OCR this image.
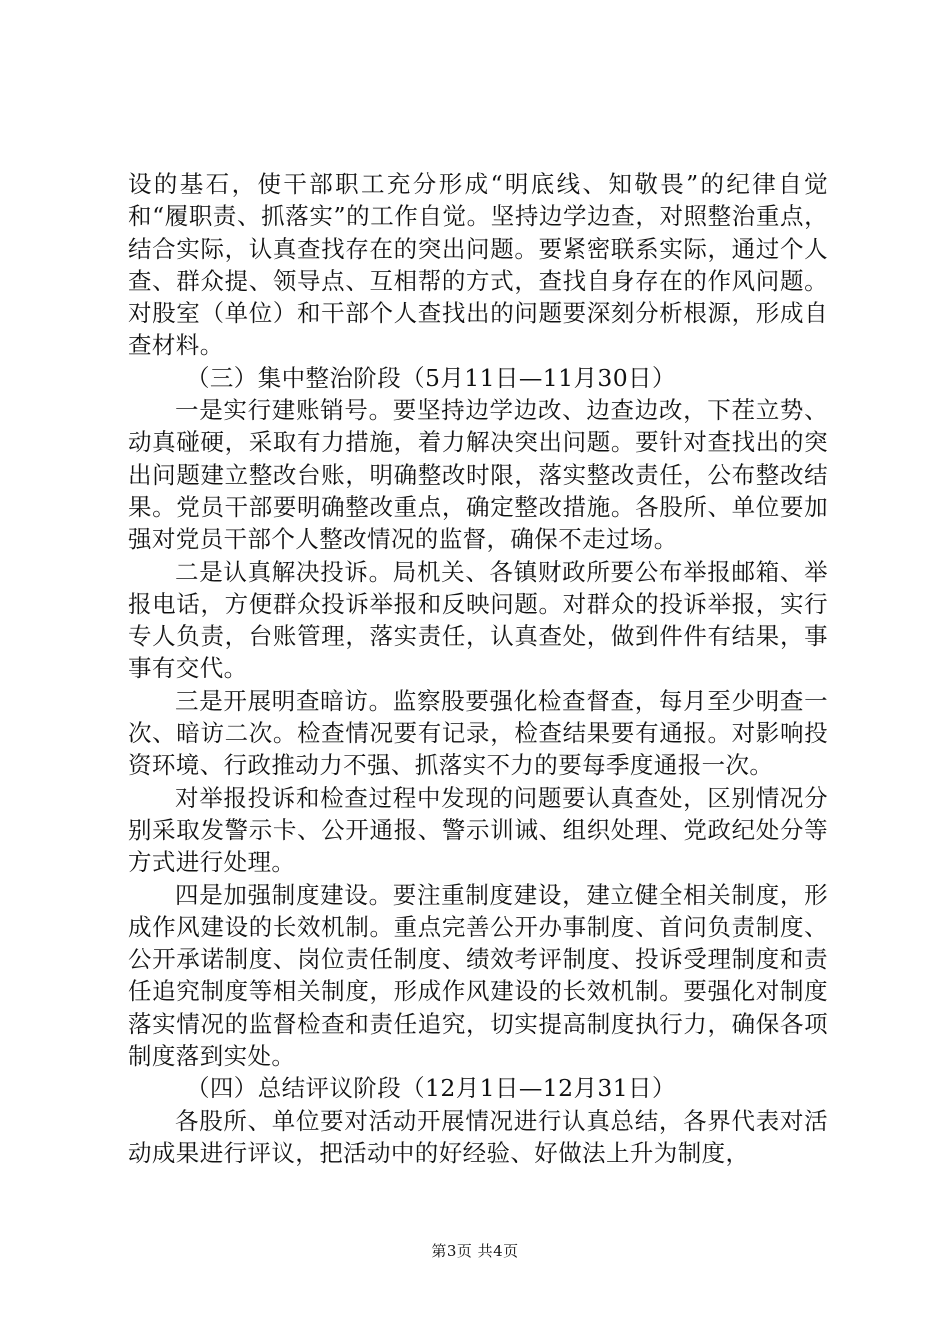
设的基石，使干部职工充分形成“明底线、知敬畏”的纪律自觉和“履职责、抓落实”的工作自觉。坚持边学边查，对照整治重点，结合实际，认真查找存在的突出问题。要紧密联系实际，通过个人查、群众提、领导点、互相帮的方式，查找自身存在的作风问题。对股室（单位）和干部个人查找出的问题要深刻分析根源，形成自查材料。

（三）集中整治阶段（5月11日—11月30日）

一是实行建账销号。要坚持边学边改、边查边改，下茬立势、动真碰硬，采取有力措施，着力解决突出问题。要针对查找出的突出问题建立整改台账，明确整改时限，落实整改责任，公布整改结果。党员干部要明确整改重点，确定整改措施。各股所、单位要加强对党员干部个人整改情况的监督，确保不走过场。

二是认真解决投诉。局机关、各镇财政所要公布举报邮箱、举报电话，方便群众投诉举报和反映问题。对群众的投诉举报，实行专人负责，台账管理，落实责任，认真查处，做到件件有结果，事事有交代。

三是开展明查暗访。监察股要强化检查督查，每月至少明查一次、暗访二次。检查情况要有记录，检查结果要有通报。对影响投资环境、行政推动力不强、抓落实不力的要每季度通报一次。

对举报投诉和检查过程中发现的问题要认真查处，区别情况分别采取发警示卡、公开通报、警示训诫、组织处理、党政纪处分等方式进行处理。

四是加强制度建设。要注重制度建设，建立健全相关制度，形成作风建设的长效机制。重点完善公开办事制度、首问负责制度、公开承诺制度、岗位责任制度、绩效考评制度、投诉受理制度和责任追究制度等相关制度，形成作风建设的长效机制。要强化对制度落实情况的监督检查和责任追究，切实提高制度执行力，确保各项制度落到实处。

（四）总结评议阶段（12月1日—12月31日）

各股所、单位要对活动开展情况进行认真总结，各界代表对活动成果进行评议，把活动中的好经验、好做法上升为制度，

第3页 共4页
